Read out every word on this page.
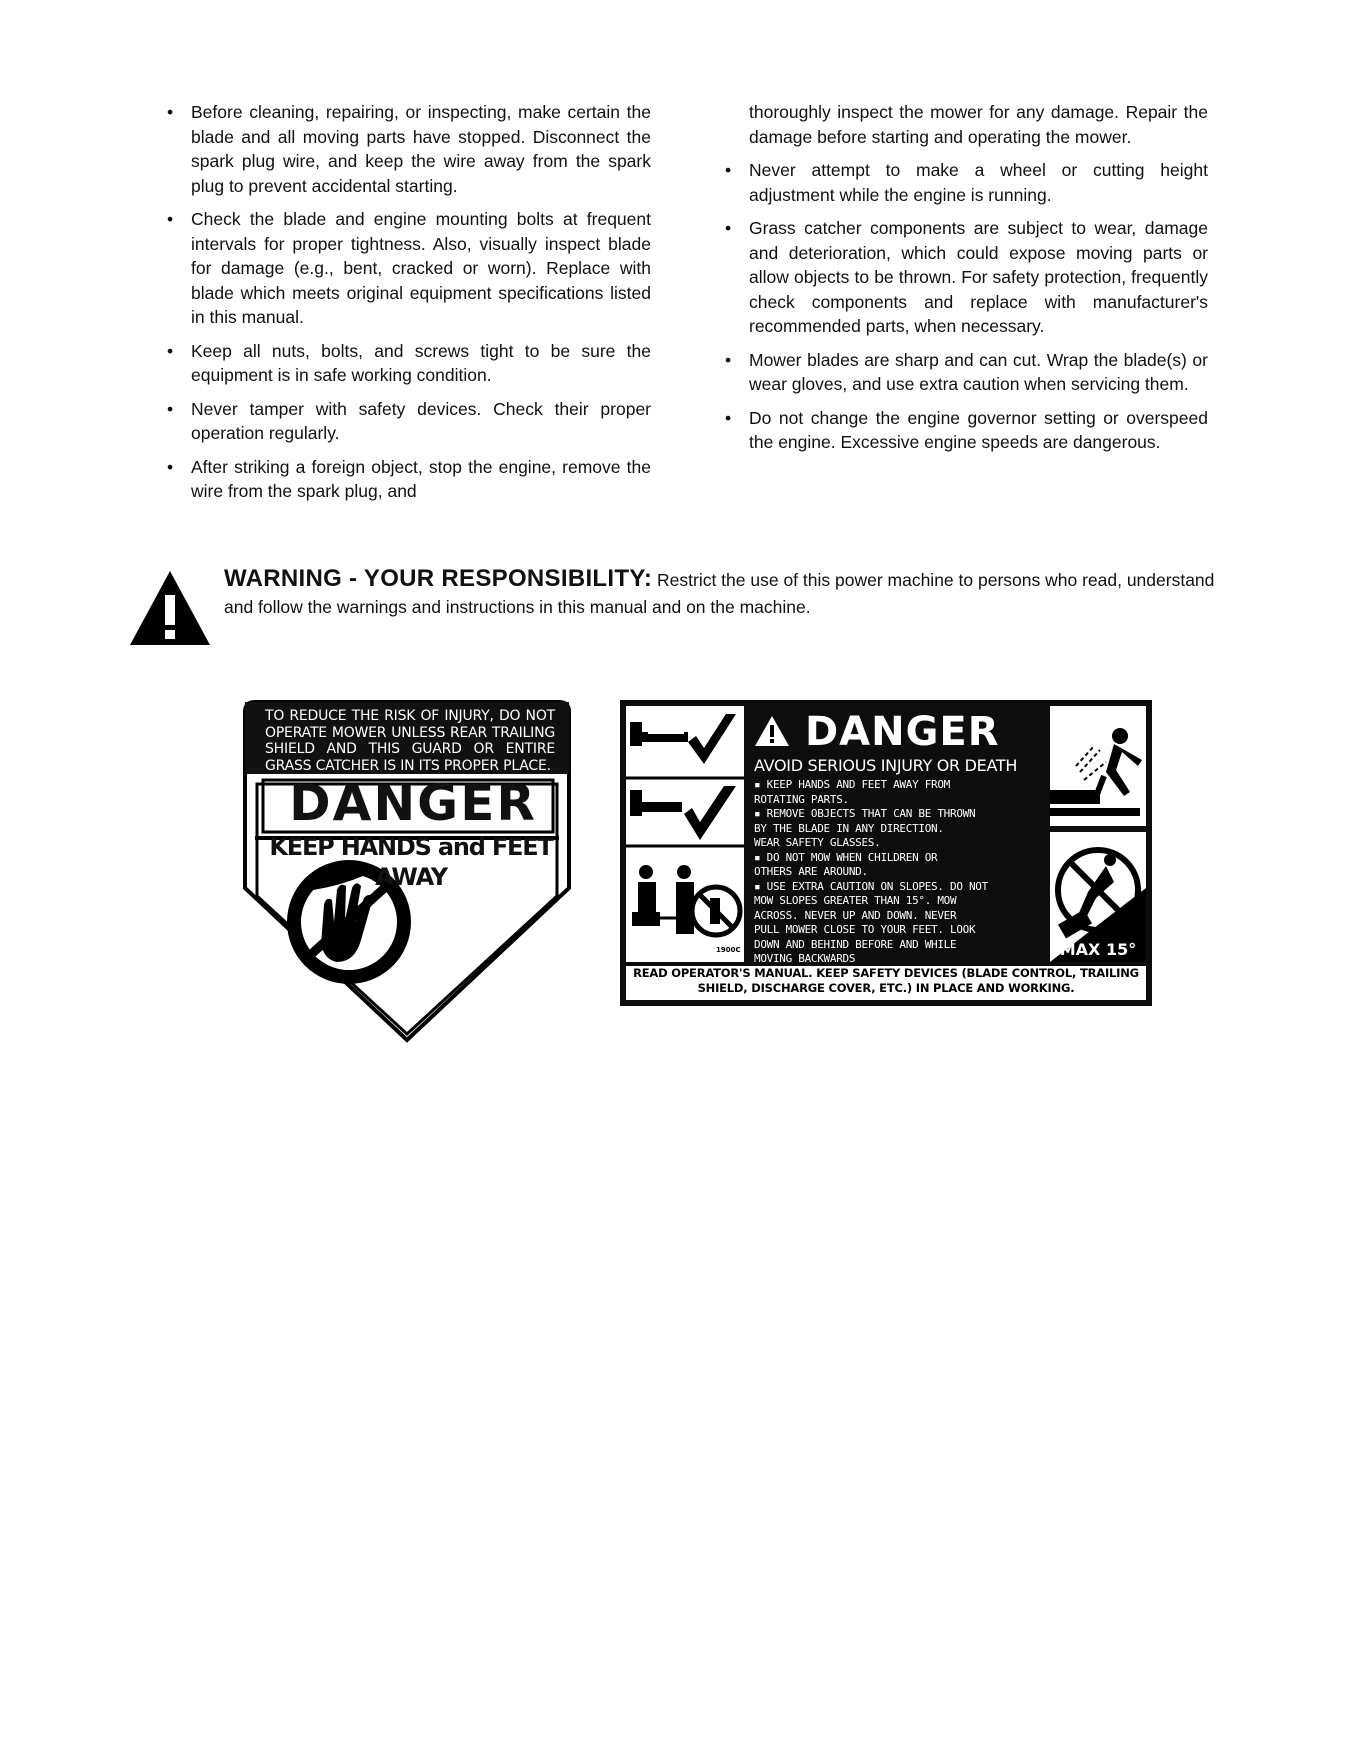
• Before cleaning, repairing, or inspecting, make certain the blade and all moving parts have stopped. Disconnect the spark plug wire, and keep the wire away from the spark plug to prevent accidental starting.
• Check the blade and engine mounting bolts at frequent intervals for proper tightness. Also, visually inspect blade for damage (e.g., bent, cracked or worn). Replace with blade which meets original equipment specifications listed in this manual.
• Keep all nuts, bolts, and screws tight to be sure the equipment is in safe working condition.
• Never tamper with safety devices. Check their proper operation regularly.
• After striking a foreign object, stop the engine, remove the wire from the spark plug, and

thoroughly inspect the mower for any damage. Repair the damage before starting and operating the mower.

• Never attempt to make a wheel or cutting height adjustment while the engine is running.
• Grass catcher components are subject to wear, damage and deterioration, which could expose moving parts or allow objects to be thrown. For safety protection, frequently check components and replace with manufacturer's recommended parts, when necessary.
• Mower blades are sharp and can cut. Wrap the blade(s) or wear gloves, and use extra caution when servicing them.
• Do not change the engine governor setting or overspeed the engine. Excessive engine speeds are dangerous.
WARNING - YOUR RESPONSIBILITY: Restrict the use of this power machine to persons who read, understand and follow the warnings and instructions in this manual and on the machine.
TO REDUCE THE RISK OF INJURY, DO NOT OPERATE MOWER UNLESS REAR TRAILING SHIELD AND THIS GUARD OR ENTIRE GRASS CATCHER IS IN ITS PROPER PLACE.
DANGER
KEEP HANDS and FEET AWAY
1900C
DANGER
AVOID SERIOUS INJURY OR DEATH
▪ KEEP HANDS AND FEET AWAY FROM
ROTATING PARTS.
▪ REMOVE OBJECTS THAT CAN BE THROWN
BY THE BLADE IN ANY DIRECTION.
WEAR SAFETY GLASSES.
▪ DO NOT MOW WHEN CHILDREN OR
OTHERS ARE AROUND.
▪ USE EXTRA CAUTION ON SLOPES. DO NOT
MOW SLOPES GREATER THAN 15°. MOW
ACROSS. NEVER UP AND DOWN. NEVER
PULL MOWER CLOSE TO YOUR FEET. LOOK
DOWN AND BEHIND BEFORE AND WHILE
MOVING BACKWARDS	MAX 15°
READ OPERATOR'S MANUAL. KEEP SAFETY DEVICES (BLADE CONTROL, TRAILING SHIELD, DISCHARGE COVER, ETC.) IN PLACE AND WORKING.
